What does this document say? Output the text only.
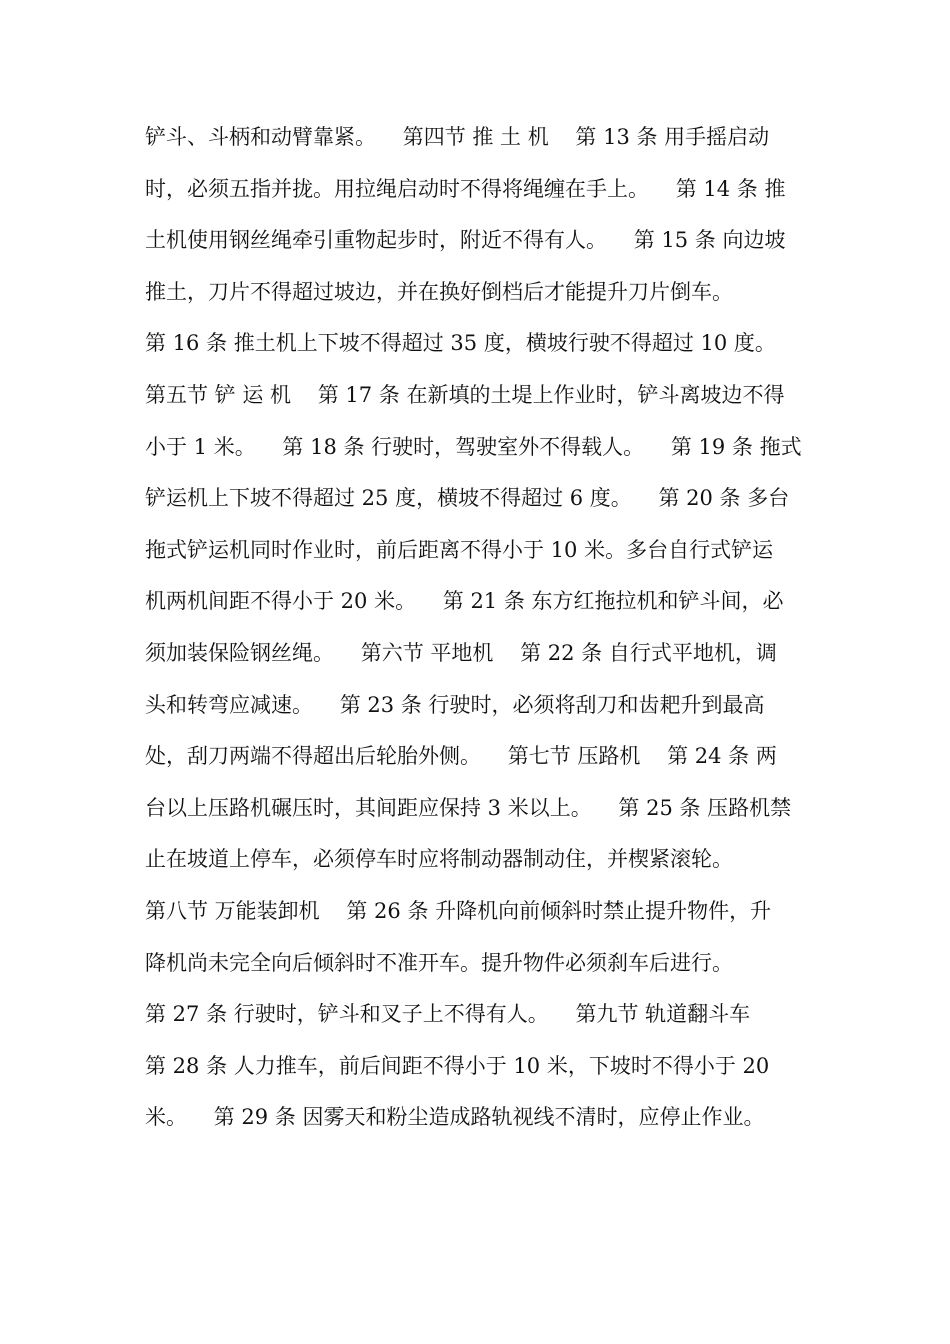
铲斗、斗柄和动臂靠紧。    第四节 推 土 机    第 13 条 用手摇启动
时，必须五指并拢。用拉绳启动时不得将绳缠在手上。    第 14 条 推
土机使用钢丝绳牵引重物起步时，附近不得有人。    第 15 条 向边坡
推土，刀片不得超过坡边，并在换好倒档后才能提升刀片倒车。
第 16 条 推土机上下坡不得超过 35 度，横坡行驶不得超过 10 度。
第五节 铲 运 机    第 17 条 在新填的土堤上作业时，铲斗离坡边不得
小于 1 米。    第 18 条 行驶时，驾驶室外不得载人。    第 19 条 拖式
铲运机上下坡不得超过 25 度，横坡不得超过 6 度。    第 20 条 多台
拖式铲运机同时作业时，前后距离不得小于 10 米。多台自行式铲运
机两机间距不得小于 20 米。    第 21 条 东方红拖拉机和铲斗间，必
须加装保险钢丝绳。    第六节 平地机    第 22 条 自行式平地机，调
头和转弯应减速。    第 23 条 行驶时，必须将刮刀和齿耙升到最高
处，刮刀两端不得超出后轮胎外侧。    第七节 压路机    第 24 条 两
台以上压路机碾压时，其间距应保持 3 米以上。    第 25 条 压路机禁
止在坡道上停车，必须停车时应将制动器制动住，并楔紧滚轮。
第八节 万能装卸机    第 26 条 升降机向前倾斜时禁止提升物件，升
降机尚未完全向后倾斜时不准开车。提升物件必须刹车后进行。
第 27 条 行驶时，铲斗和叉子上不得有人。    第九节 轨道翻斗车
第 28 条 人力推车，前后间距不得小于 10 米，下坡时不得小于 20
米。    第 29 条 因雾天和粉尘造成路轨视线不清时，应停止作业。
